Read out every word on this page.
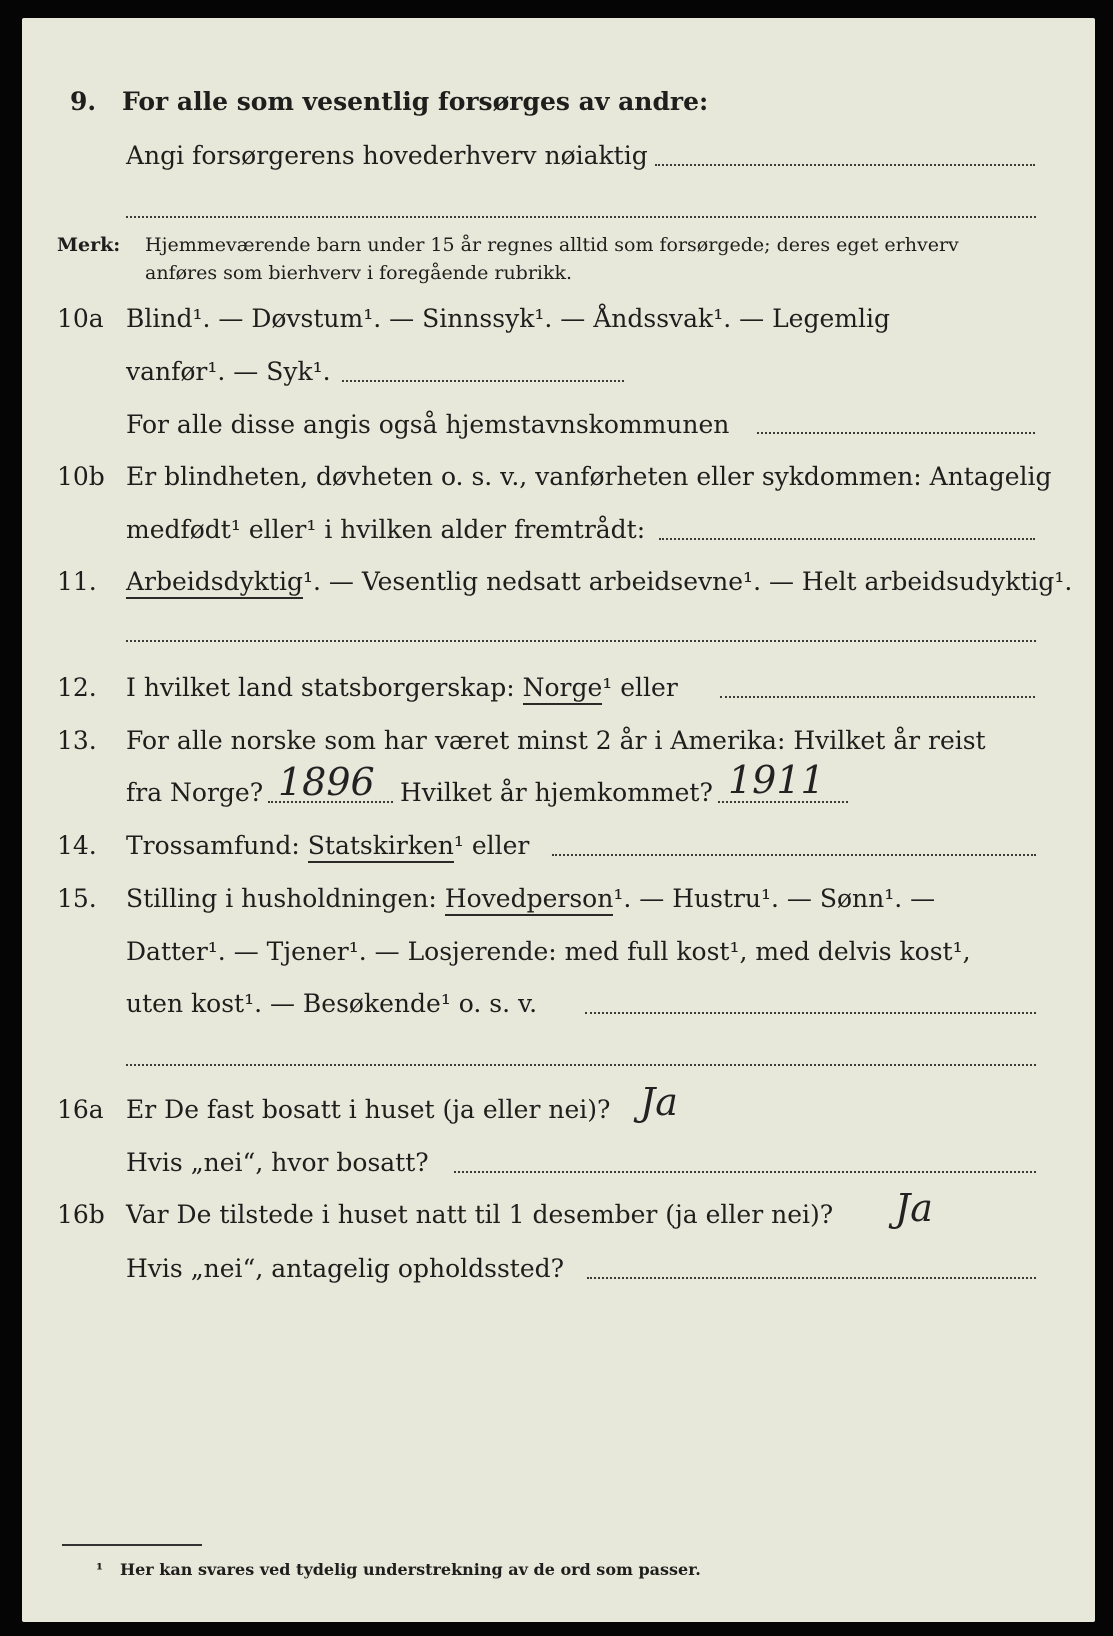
9. For alle som vesentlig forsørges av andre:
Angi forsørgerens hovederhverv nøiaktig
Merk: Hjemmeværende barn under 15 år regnes alltid som forsørgede; deres eget erhverv
anføres som bierhverv i foregående rubrikk.
10a Blind¹. — Døvstum¹. — Sinnssyk¹. — Åndssvak¹. — Legemlig
vanfør¹. — Syk¹.
For alle disse angis også hjemstavnskommunen
10b Er blindheten, døvheten o. s. v., vanførheten eller sykdommen: Antagelig
medfødt¹ eller¹ i hvilken alder fremtrådt:
11. Arbeidsdyktig¹. — Vesentlig nedsatt arbeidsevne¹. — Helt arbeidsudyktig¹.
12. I hvilket land statsborgerskap: Norge¹ eller
13. For alle norske som har været minst 2 år i Amerika: Hvilket år reist
fra Norge? 1896 Hvilket år hjemkommet? 1911
14. Trossamfund: Statskirken¹ eller
15. Stilling i husholdningen: Hovedperson¹. — Hustru¹. — Sønn¹. —
Datter¹. — Tjener¹. — Losjerende: med full kost¹, med delvis kost¹,
uten kost¹. — Besøkende¹ o. s. v.
16a Er De fast bosatt i huset (ja eller nei)? Ja
Hvis „nei“, hvor bosatt?
16b Var De tilstede i huset natt til 1 desember (ja eller nei)? Ja
Hvis „nei“, antagelig opholdssted?
¹ Her kan svares ved tydelig understrekning av de ord som passer.
